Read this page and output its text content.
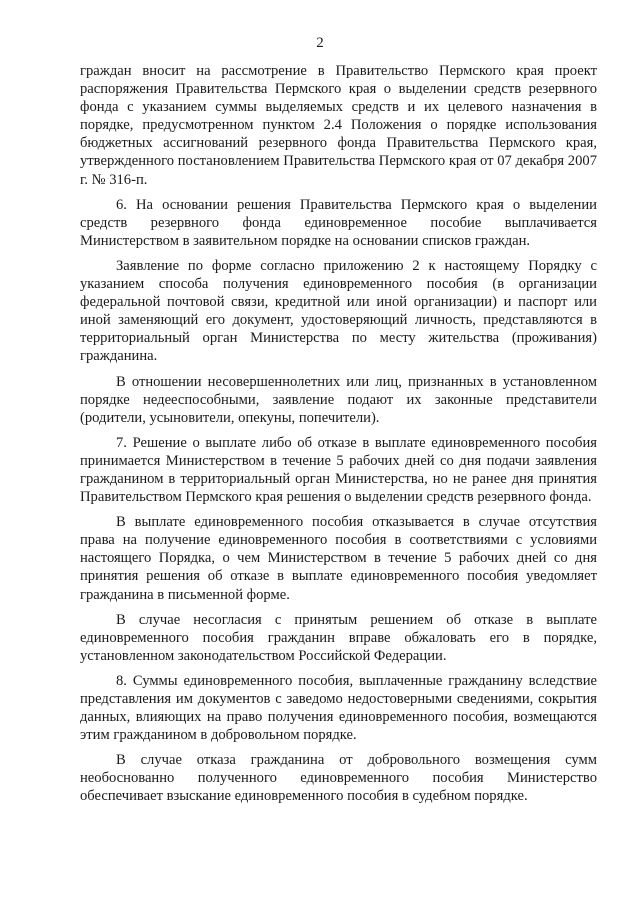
2

граждан вносит на рассмотрение в Правительство Пермского края проект распоряжения Правительства Пермского края о выделении средств резервного фонда с указанием суммы выделяемых средств и их целевого назначения в порядке, предусмотренном пунктом 2.4 Положения о порядке использования бюджетных ассигнований резервного фонда Правительства Пермского края, утвержденного постановлением Правительства Пермского края от 07 декабря 2007 г. № 316-п.

6. На основании решения Правительства Пермского края о выделении средств резервного фонда единовременное пособие выплачивается Министерством в заявительном порядке на основании списков граждан.

Заявление по форме согласно приложению 2 к настоящему Порядку с указанием способа получения единовременного пособия (в организации федеральной почтовой связи, кредитной или иной организации) и паспорт или иной заменяющий его документ, удостоверяющий личность, представляются в территориальный орган Министерства по месту жительства (проживания) гражданина.

В отношении несовершеннолетних или лиц, признанных в установленном порядке недееспособными, заявление подают их законные представители (родители, усыновители, опекуны, попечители).

7. Решение о выплате либо об отказе в выплате единовременного пособия принимается Министерством в течение 5 рабочих дней со дня подачи заявления гражданином в территориальный орган Министерства, но не ранее дня принятия Правительством Пермского края решения о выделении средств резервного фонда.

В выплате единовременного пособия отказывается в случае отсутствия права на получение единовременного пособия в соответствиями с условиями настоящего Порядка, о чем Министерством в течение 5 рабочих дней со дня принятия решения об отказе в выплате единовременного пособия уведомляет гражданина в письменной форме.

В случае несогласия с принятым решением об отказе в выплате единовременного пособия гражданин вправе обжаловать его в порядке, установленном законодательством Российской Федерации.

8. Суммы единовременного пособия, выплаченные гражданину вследствие представления им документов с заведомо недостоверными сведениями, сокрытия данных, влияющих на право получения единовременного пособия, возмещаются этим гражданином в добровольном порядке.

В случае отказа гражданина от добровольного возмещения сумм необоснованно полученного единовременного пособия Министерство обеспечивает взыскание единовременного пособия в судебном порядке.
